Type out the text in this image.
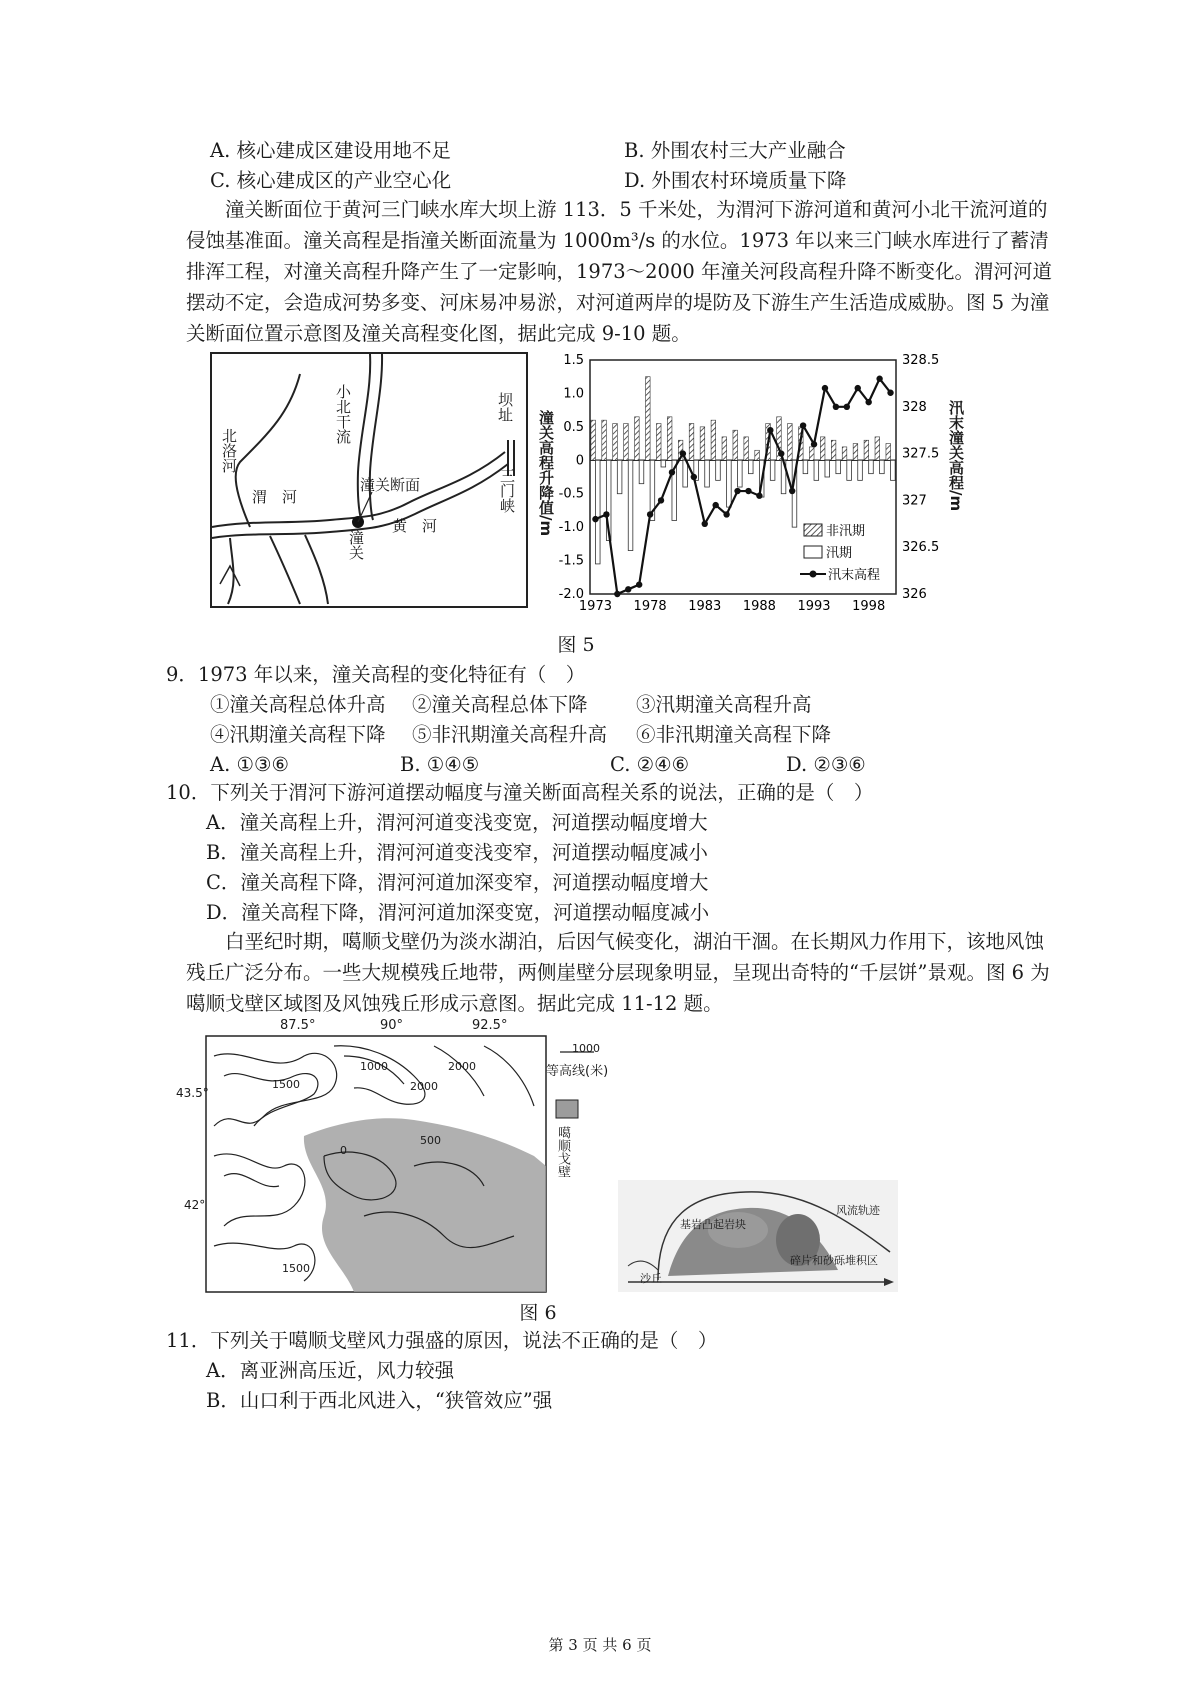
A. 核心建成区建设用地不足	B. 外围农村三大产业融合
C. 核心建成区的产业空心化	D. 外围农村环境质量下降
潼关断面位于黄河三门峡水库大坝上游 113．5 千米处，为渭河下游河道和黄河小北干流河道的侵蚀基准面。潼关高程是指潼关断面流量为 1000m³/s 的水位。1973 年以来三门峡水库进行了蓄清排浑工程，对潼关高程升降产生了一定影响，1973～2000 年潼关河段高程升降不断变化。渭河河道摆动不定，会造成河势多变、河床易冲易淤，对河道两岸的堤防及下游生产生活造成威胁。图 5 为潼关断面位置示意图及潼关高程变化图，据此完成 9-10 题。
北洛河
小北干流
渭　河
黄　河
潼关断面
潼关
坝址
三门峡
1.5
1.0
0.5
0
-0.5
-1.0
-1.5
-2.0
328.5
328
327.5
327
326.5
326
1973 1978 1983 1988 1993 1998
非汛期
汛期
汛末高程
潼关高程升降值/m	汛末潼关高程/m
图 5
9．1973 年以来，潼关高程的变化特征有（　）
①潼关高程总体升高 ②潼关高程总体下降 ③汛期潼关高程升高
④汛期潼关高程下降 ⑤非汛期潼关高程升高 ⑥非汛期潼关高程下降
A. ①③⑥	B. ①④⑤	C. ②④⑥	D. ②③⑥
10．下列关于渭河下游河道摆动幅度与潼关断面高程关系的说法，正确的是（　）
A．潼关高程上升，渭河河道变浅变宽，河道摆动幅度增大
B．潼关高程上升，渭河河道变浅变窄，河道摆动幅度减小
C．潼关高程下降，渭河河道加深变窄，河道摆动幅度增大
D．潼关高程下降，渭河河道加深变宽，河道摆动幅度减小
白垩纪时期，噶顺戈壁仍为淡水湖泊，后因气候变化，湖泊干涸。在长期风力作用下，该地风蚀残丘广泛分布。一些大规模残丘地带，两侧崖壁分层现象明显，呈现出奇特的“千层饼”景观。图 6 为噶顺戈壁区域图及风蚀残丘形成示意图。据此完成 11-12 题。
87.5°	90°	92.5°
43.5°
42°
1500
1000	2000
2000
500
0
1500
1000
等高线(米)
噶顺戈壁
基岩凸起岩块
风流轨迹
碎片和砂砾堆积区
沙丘
图 6
11．下列关于噶顺戈壁风力强盛的原因，说法不正确的是（　）
A．离亚洲高压近，风力较强
B．山口利于西北风进入，“狭管效应”强
第 3 页 共 6 页
